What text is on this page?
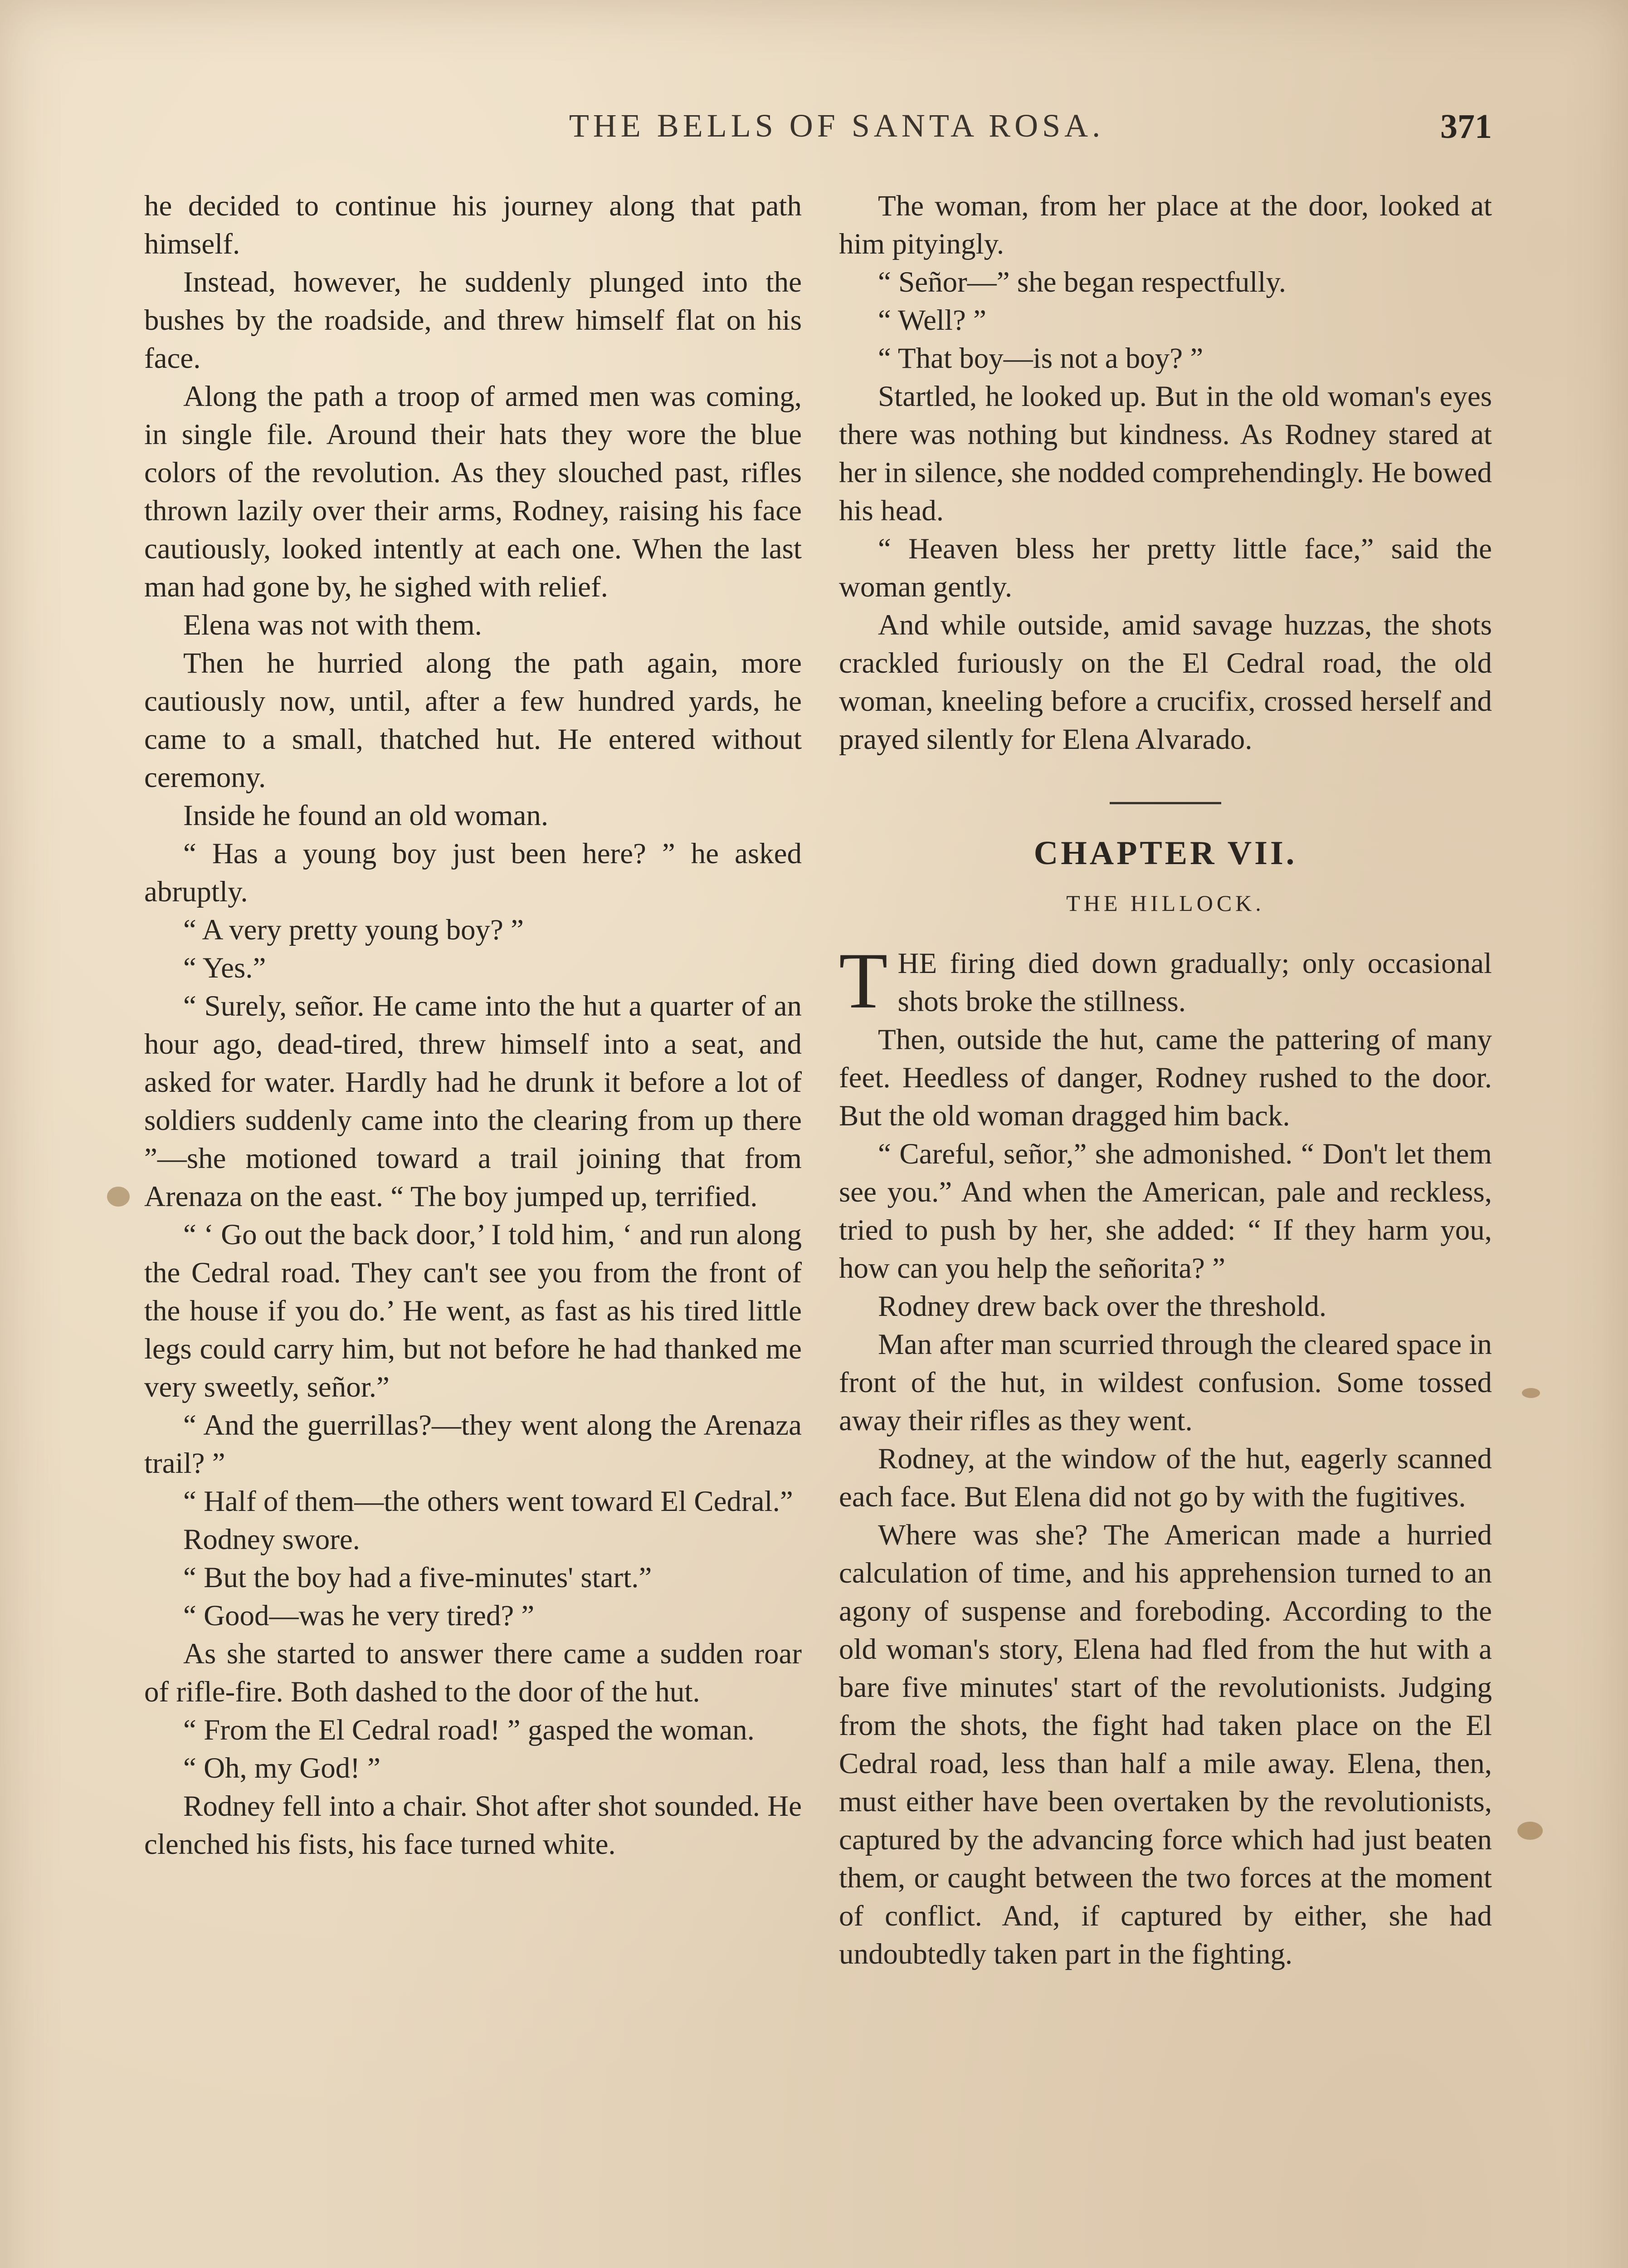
THE BELLS OF SANTA ROSA.	371

he decided to continue his journey along that path himself.

Instead, however, he suddenly plunged into the bushes by the roadside, and threw himself flat on his face.

Along the path a troop of armed men was coming, in single file. Around their hats they wore the blue colors of the revolution. As they slouched past, rifles thrown lazily over their arms, Rodney, raising his face cautiously, looked intently at each one. When the last man had gone by, he sighed with relief.

Elena was not with them.

Then he hurried along the path again, more cautiously now, until, after a few hundred yards, he came to a small, thatched hut. He entered without ceremony.

Inside he found an old woman.

“ Has a young boy just been here? ” he asked abruptly.

“ A very pretty young boy? ”

“ Yes.”

“ Surely, señor. He came into the hut a quarter of an hour ago, dead-tired, threw himself into a seat, and asked for water. Hardly had he drunk it before a lot of soldiers suddenly came into the clearing from up there ”—she motioned toward a trail joining that from Arenaza on the east. “ The boy jumped up, terrified.

“ ‘ Go out the back door,’ I told him, ‘ and run along the Cedral road. They can't see you from the front of the house if you do.’ He went, as fast as his tired little legs could carry him, but not before he had thanked me very sweetly, señor.”

“ And the guerrillas?—they went along the Arenaza trail? ”

“ Half of them—the others went toward El Cedral.”

Rodney swore.

“ But the boy had a five-minutes' start.”

“ Good—was he very tired? ”

As she started to answer there came a sudden roar of rifle-fire. Both dashed to the door of the hut.

“ From the El Cedral road! ” gasped the woman.

“ Oh, my God! ”

Rodney fell into a chair. Shot after shot sounded. He clenched his fists, his face turned white.

The woman, from her place at the door, looked at him pityingly.

“ Señor—” she began respectfully.

“ Well? ”

“ That boy—is not a boy? ”

Startled, he looked up. But in the old woman's eyes there was nothing but kindness. As Rodney stared at her in silence, she nodded comprehendingly. He bowed his head.

“ Heaven bless her pretty little face,” said the woman gently.

And while outside, amid savage huzzas, the shots crackled furiously on the El Cedral road, the old woman, kneeling before a crucifix, crossed herself and prayed silently for Elena Alvarado.

CHAPTER VII.
THE HILLOCK.

THE firing died down gradually; only occasional shots broke the stillness.

Then, outside the hut, came the pattering of many feet. Heedless of danger, Rodney rushed to the door. But the old woman dragged him back.

“ Careful, señor,” she admonished. “ Don't let them see you.” And when the American, pale and reckless, tried to push by her, she added: “ If they harm you, how can you help the señorita? ”

Rodney drew back over the threshold.

Man after man scurried through the cleared space in front of the hut, in wildest confusion. Some tossed away their rifles as they went.

Rodney, at the window of the hut, eagerly scanned each face. But Elena did not go by with the fugitives.

Where was she? The American made a hurried calculation of time, and his apprehension turned to an agony of suspense and foreboding. According to the old woman's story, Elena had fled from the hut with a bare five minutes' start of the revolutionists. Judging from the shots, the fight had taken place on the El Cedral road, less than half a mile away. Elena, then, must either have been overtaken by the revolutionists, captured by the advancing force which had just beaten them, or caught between the two forces at the moment of conflict. And, if captured by either, she had undoubtedly taken part in the fighting.
